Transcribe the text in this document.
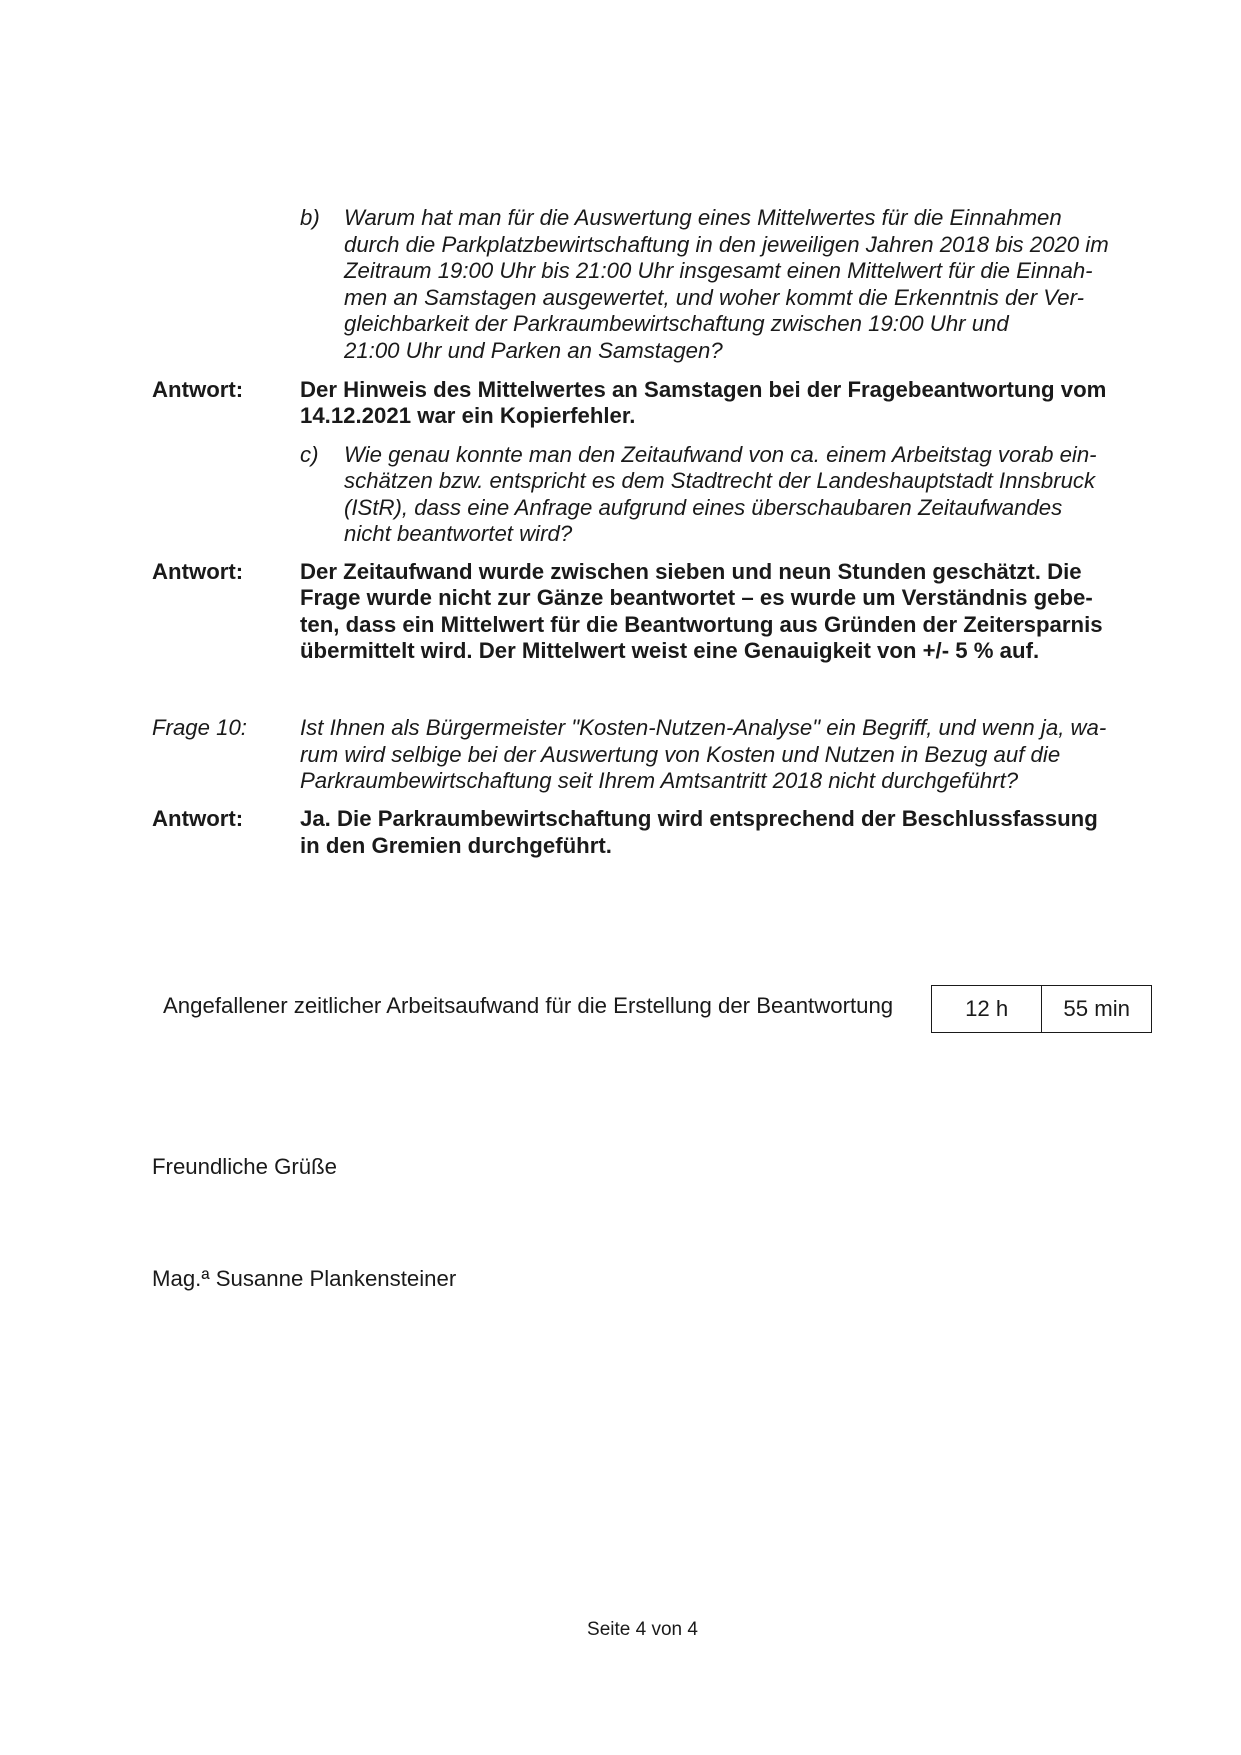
b) Warum hat man für die Auswertung eines Mittelwertes für die Einnahmen
durch die Parkplatzbewirtschaftung in den jeweiligen Jahren 2018 bis 2020 im
Zeitraum 19:00 Uhr bis 21:00 Uhr insgesamt einen Mittelwert für die Einnah-
men an Samstagen ausgewertet, und woher kommt die Erkenntnis der Ver-
gleichbarkeit der Parkraumbewirtschaftung zwischen 19:00 Uhr und
21:00 Uhr und Parken an Samstagen?
Antwort:	Der Hinweis des Mittelwertes an Samstagen bei der Fragebeantwortung vom
14.12.2021 war ein Kopierfehler.
c) Wie genau konnte man den Zeitaufwand von ca. einem Arbeitstag vorab ein-
schätzen bzw. entspricht es dem Stadtrecht der Landeshauptstadt Innsbruck
(IStR), dass eine Anfrage aufgrund eines überschaubaren Zeitaufwandes
nicht beantwortet wird?
Antwort:	Der Zeitaufwand wurde zwischen sieben und neun Stunden geschätzt. Die
Frage wurde nicht zur Gänze beantwortet – es wurde um Verständnis gebe-
ten, dass ein Mittelwert für die Beantwortung aus Gründen der Zeitersparnis
übermittelt wird. Der Mittelwert weist eine Genauigkeit von +/- 5 % auf.
Frage 10: Ist Ihnen als Bürgermeister "Kosten-Nutzen-Analyse" ein Begriff, und wenn ja, wa-
rum wird selbige bei der Auswertung von Kosten und Nutzen in Bezug auf die
Parkraumbewirtschaftung seit Ihrem Amtsantritt 2018 nicht durchgeführt?
Antwort:	Ja. Die Parkraumbewirtschaftung wird entsprechend der Beschlussfassung
in den Gremien durchgeführt.
Angefallener zeitlicher Arbeitsaufwand für die Erstellung der Beantwortung	12 h	55 min
Freundliche Grüße
Mag.ª Susanne Plankensteiner
Seite 4 von 4
